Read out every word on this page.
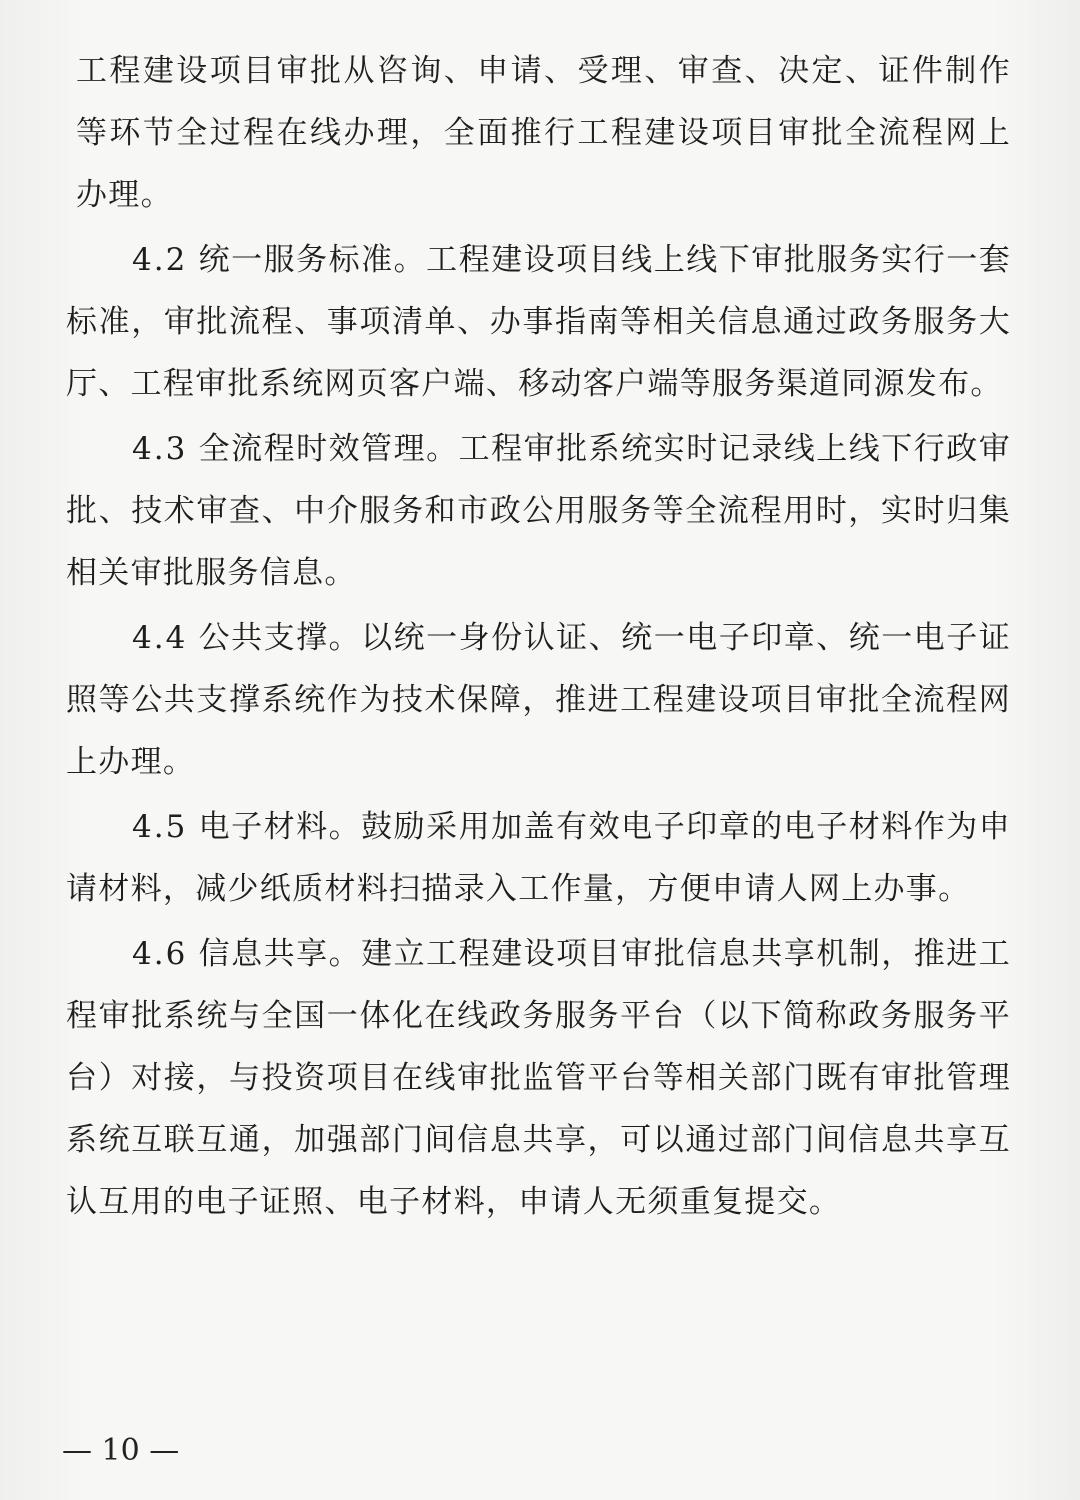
工程建设项目审批从咨询、申请、受理、审查、决定、证件制作等环节全过程在线办理，全面推行工程建设项目审批全流程网上办理。

4.2 统一服务标准。工程建设项目线上线下审批服务实行一套标准，审批流程、事项清单、办事指南等相关信息通过政务服务大厅、工程审批系统网页客户端、移动客户端等服务渠道同源发布。

4.3 全流程时效管理。工程审批系统实时记录线上线下行政审批、技术审查、中介服务和市政公用服务等全流程用时，实时归集相关审批服务信息。

4.4 公共支撑。以统一身份认证、统一电子印章、统一电子证照等公共支撑系统作为技术保障，推进工程建设项目审批全流程网上办理。

4.5 电子材料。鼓励采用加盖有效电子印章的电子材料作为申请材料，减少纸质材料扫描录入工作量，方便申请人网上办事。

4.6 信息共享。建立工程建设项目审批信息共享机制，推进工程审批系统与全国一体化在线政务服务平台（以下简称政务服务平台）对接，与投资项目在线审批监管平台等相关部门既有审批管理系统互联互通，加强部门间信息共享，可以通过部门间信息共享互认互用的电子证照、电子材料，申请人无须重复提交。

— 10 —
